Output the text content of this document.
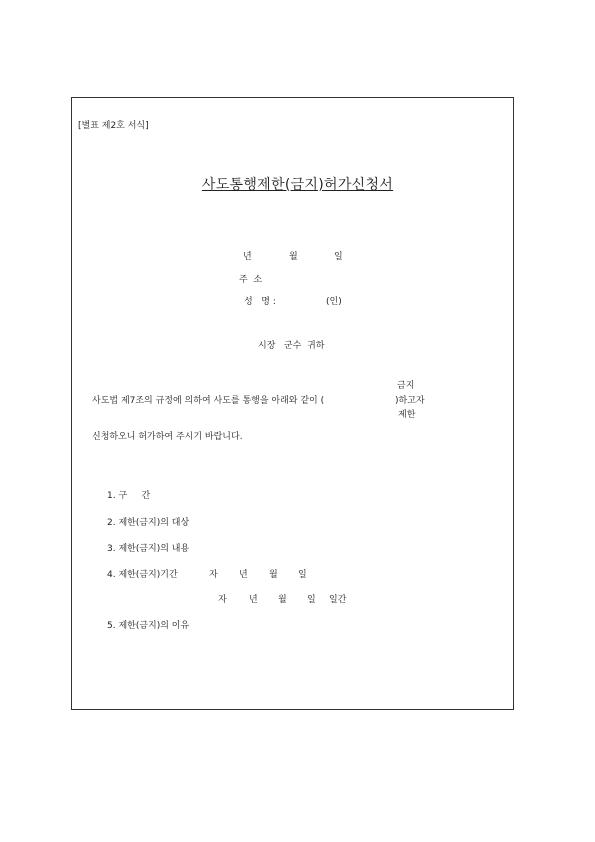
[별표 제2호 서식]
사도통행제한(금지)허가신청서
년	월	일
주  소
성   명 :	(인)
시장   군수  귀하
사도법 제7조의 규정에 의하여 사도를 통행을 아래와 같이 (
금지
)하고자
제한
신청하오니 허가하여 주시기 바랍니다.
1. 구     간
2. 제한(금지)의 대상
3. 제한(금지)의 내용
4. 제한(금지)기간	자 년 월 일
자 년 월 일 일간
5. 제한(금지)의 이유
